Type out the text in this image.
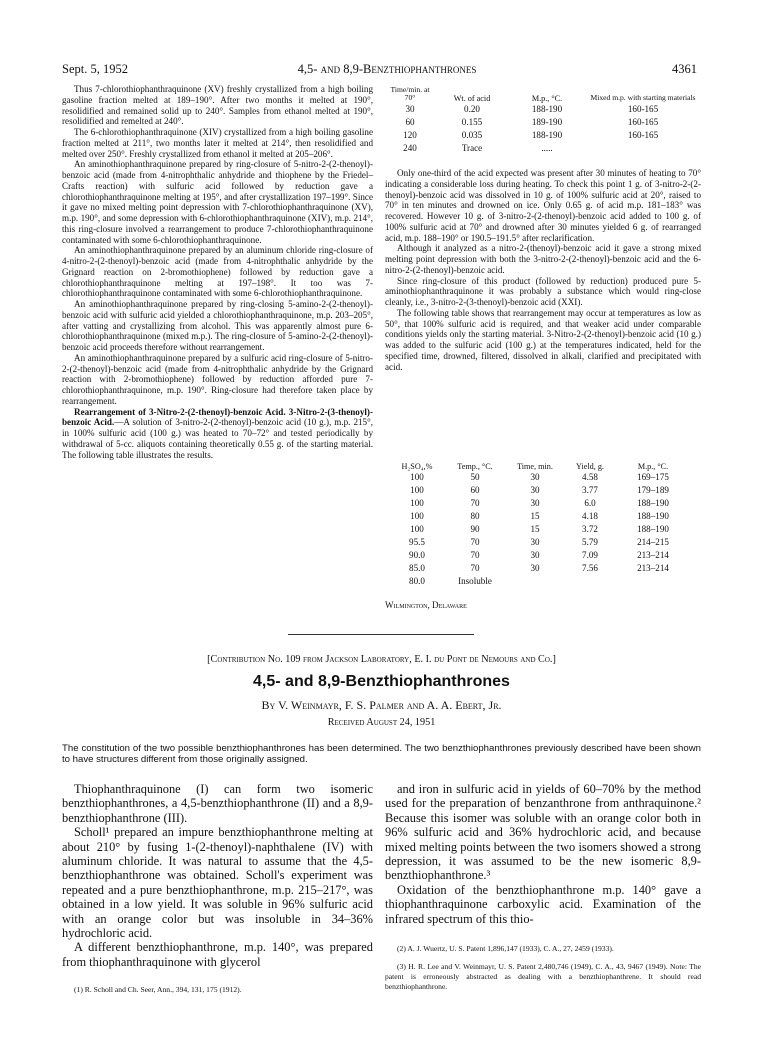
Sept. 5, 1952	4,5- and 8,9-Benzthiophanthrones	4361

Thus 7-chlorothiophanthraquinone (XV) freshly crystallized from a high boiling gasoline fraction melted at 189–190°. After two months it melted at 190°, resolidified and remained solid up to 240°. Samples from ethanol melted at 190°, resolidified and remelted at 240°.

The 6-chlorothiophanthraquinone (XIV) crystallized from a high boiling gasoline fraction melted at 211°, two months later it melted at 214°, then resolidified and melted over 250°. Freshly crystallized from ethanol it melted at 205–206°.

An aminothiophanthraquinone prepared by ring-closure of 5-nitro-2-(2-thenoyl)-benzoic acid (made from 4-nitrophthalic anhydride and thiophene by the Friedel–Crafts reaction) with sulfuric acid followed by reduction gave a chlorothiophanthraquinone melting at 195°, and after crystallization 197–199°. Since it gave no mixed melting point depression with 7-chlorothiophanthraquinone (XV), m.p. 190°, and some depression with 6-chlorothiophanthraquinone (XIV), m.p. 214°, this ring-closure involved a rearrangement to produce 7-chlorothiophanthraquinone contaminated with some 6-chlorothiophanthraquinone.

An aminothiophanthraquinone prepared by an aluminum chloride ring-closure of 4-nitro-2-(2-thenoyl)-benzoic acid (made from 4-nitrophthalic anhydride by the Grignard reaction on 2-bromothiophene) followed by reduction gave a chlorothiophanthraquinone melting at 197–198°. It too was 7-chlorothiophanthraquinone contaminated with some 6-chlorothiophanthraquinone.

An aminothiophanthraquinone prepared by ring-closing 5-amino-2-(2-thenoyl)-benzoic acid with sulfuric acid yielded a chlorothiophanthraquinone, m.p. 203–205°, after vatting and crystallizing from alcohol. This was apparently almost pure 6-chlorothiophanthraquinone (mixed m.p.). The ring-closure of 5-amino-2-(2-thenoyl)-benzoic acid proceeds therefore without rearrangement.

An aminothiophanthraquinone prepared by a sulfuric acid ring-closure of 5-nitro-2-(2-thenoyl)-benzoic acid (made from 4-nitrophthalic anhydride by the Grignard reaction with 2-bromothiophene) followed by reduction afforded pure 7-chlorothiophanthraquinone, m.p. 190°. Ring-closure had therefore taken place by rearrangement.

Rearrangement of 3-Nitro-2-(2-thenoyl)-benzoic Acid. 3-Nitro-2-(3-thenoyl)-benzoic Acid.—A solution of 3-nitro-2-(2-thenoyl)-benzoic acid (10 g.), m.p. 215°, in 100% sulfuric acid (100 g.) was heated to 70–72° and tested periodically by withdrawal of 5-cc. aliquots containing theoretically 0.55 g. of the starting material. The following table illustrates the results.

Time/min. at 70°	Wt. of acid	M.p., °C.	Mixed m.p. with starting materials
30	0.20	188-190	160-165
60	0.155	189-190	160-165
120	0.035	188-190	160-165
240	Trace	.....	

Only one-third of the acid expected was present after 30 minutes of heating to 70° indicating a considerable loss during heating. To check this point 1 g. of 3-nitro-2-(2-thenoyl)-benzoic acid was dissolved in 10 g. of 100% sulfuric acid at 20°, raised to 70° in ten minutes and drowned on ice. Only 0.65 g. of acid m.p. 181–183° was recovered. However 10 g. of 3-nitro-2-(2-thenoyl)-benzoic acid added to 100 g. of 100% sulfuric acid at 70° and drowned after 30 minutes yielded 6 g. of rearranged acid, m.p. 188–190° or 190.5–191.5° after reclarification.

Although it analyzed as a nitro-2-(thenoyl)-benzoic acid it gave a strong mixed melting point depression with both the 3-nitro-2-(2-thenoyl)-benzoic acid and the 6-nitro-2-(2-thenoyl)-benzoic acid.

Since ring-closure of this product (followed by reduction) produced pure 5-aminothiophanthraquinone it was probably a substance which would ring-close cleanly, i.e., 3-nitro-2-(3-thenoyl)-benzoic acid (XXI).

The following table shows that rearrangement may occur at temperatures as low as 50°, that 100% sulfuric acid is required, and that weaker acid under comparable conditions yields only the starting material. 3-Nitro-2-(2-thenoyl)-benzoic acid (10 g.) was added to the sulfuric acid (100 g.) at the temperatures indicated, held for the specified time, drowned, filtered, dissolved in alkali, clarified and precipitated with acid.

H₂SO₄,%	Temp., °C.	Time, min.	Yield, g.	M.p., °C.
100	50	30	4.58	169–175
100	60	30	3.77	179–189
100	70	30	6.0	188–190
100	80	15	4.18	188–190
100	90	15	3.72	188–190
95.5	70	30	5.79	214–215
90.0	70	30	7.09	213–214
85.0	70	30	7.56	213–214
80.0	Insoluble			
Wilmington, Delaware
[Contribution No. 109 from Jackson Laboratory, E. I. du Pont de Nemours and Co.]
4,5- and 8,9-Benzthiophanthrones
By V. Weinmayr, F. S. Palmer and A. A. Ebert, Jr.
Received August 24, 1951
The constitution of the two possible benzthiophanthrones has been determined. The two benzthiophanthrones previously described have been shown to have structures different from those originally assigned.

Thiophanthraquinone (I) can form two isomeric benzthiophanthrones, a 4,5-benzthiophanthrone (II) and a 8,9-benzthiophanthrone (III).

Scholl¹ prepared an impure benzthiophanthrone melting at about 210° by fusing 1-(2-thenoyl)-naphthalene (IV) with aluminum chloride. It was natural to assume that the 4,5-benzthiophanthrone was obtained. Scholl's experiment was repeated and a pure benzthiophanthrone, m.p. 215–217°, was obtained in a low yield. It was soluble in 96% sulfuric acid with an orange color but was insoluble in 34–36% hydrochloric acid.

A different benzthiophanthrone, m.p. 140°, was prepared from thiophanthraquinone with glycerol

(1) R. Scholl and Ch. Seer, Ann., 394, 131, 175 (1912).

and iron in sulfuric acid in yields of 60–70% by the method used for the preparation of benzanthrone from anthraquinone.² Because this isomer was soluble with an orange color both in 96% sulfuric acid and 36% hydrochloric acid, and because mixed melting points between the two isomers showed a strong depression, it was assumed to be the new isomeric 8,9-benzthiophanthrone.³

Oxidation of the benzthiophanthrone m.p. 140° gave a thiophanthraquinone carboxylic acid. Examination of the infrared spectrum of this thio-

(2) A. J. Wuertz, U. S. Patent 1,896,147 (1933), C. A., 27, 2459 (1933).

(3) H. R. Lee and V. Weinmayr, U. S. Patent 2,480,746 (1949), C. A., 43, 9467 (1949). Note: The patent is erroneously abstracted as dealing with a benzthiophanthrene. It should read benzthiophanthrone.
